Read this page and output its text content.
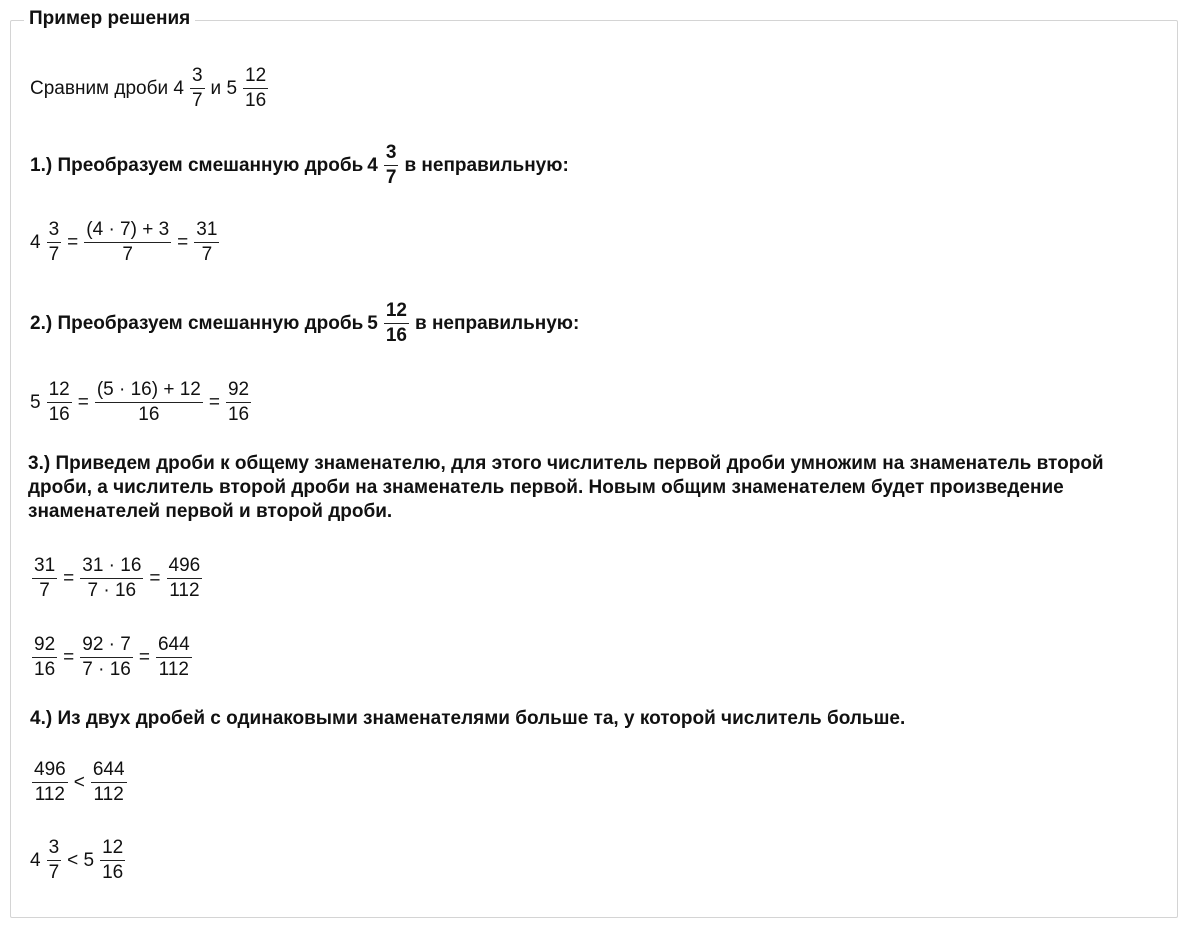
Пример решения
Сравним дроби $4 \frac{3}{7}$ и $5 \frac{12}{16}$
1.) Преобразуем смешанную дробь $4 \frac{3}{7}$ в неправильную:
$4 \frac{3}{7} = \frac{(4 \cdot 7) + 3}{7} = \frac{31}{7}$
2.) Преобразуем смешанную дробь $5 \frac{12}{16}$ в неправильную:
$5 \frac{12}{16} = \frac{(5 \cdot 16) + 12}{16} = \frac{92}{16}$
$\frac{31}{7} = \frac{31 \cdot 16}{7 \cdot 16} = \frac{496}{112}$
$\frac{92}{16} = \frac{92 \cdot 7}{7 \cdot 16} = \frac{644}{112}$
4.) Из двух дробей с одинаковыми знаменателями больше та, у которой числитель больше.
$\frac{496}{112} < \frac{644}{112}$
$4 \frac{3}{7} < 5 \frac{12}{16}$
3.) Приведем дроби к общему знаменателю, для этого числитель первой дроби умножим на знаменатель второй дроби, а числитель второй дроби на знаменатель первой. Новым общим знаменателем будет произведение знаменателей первой и второй дроби.
